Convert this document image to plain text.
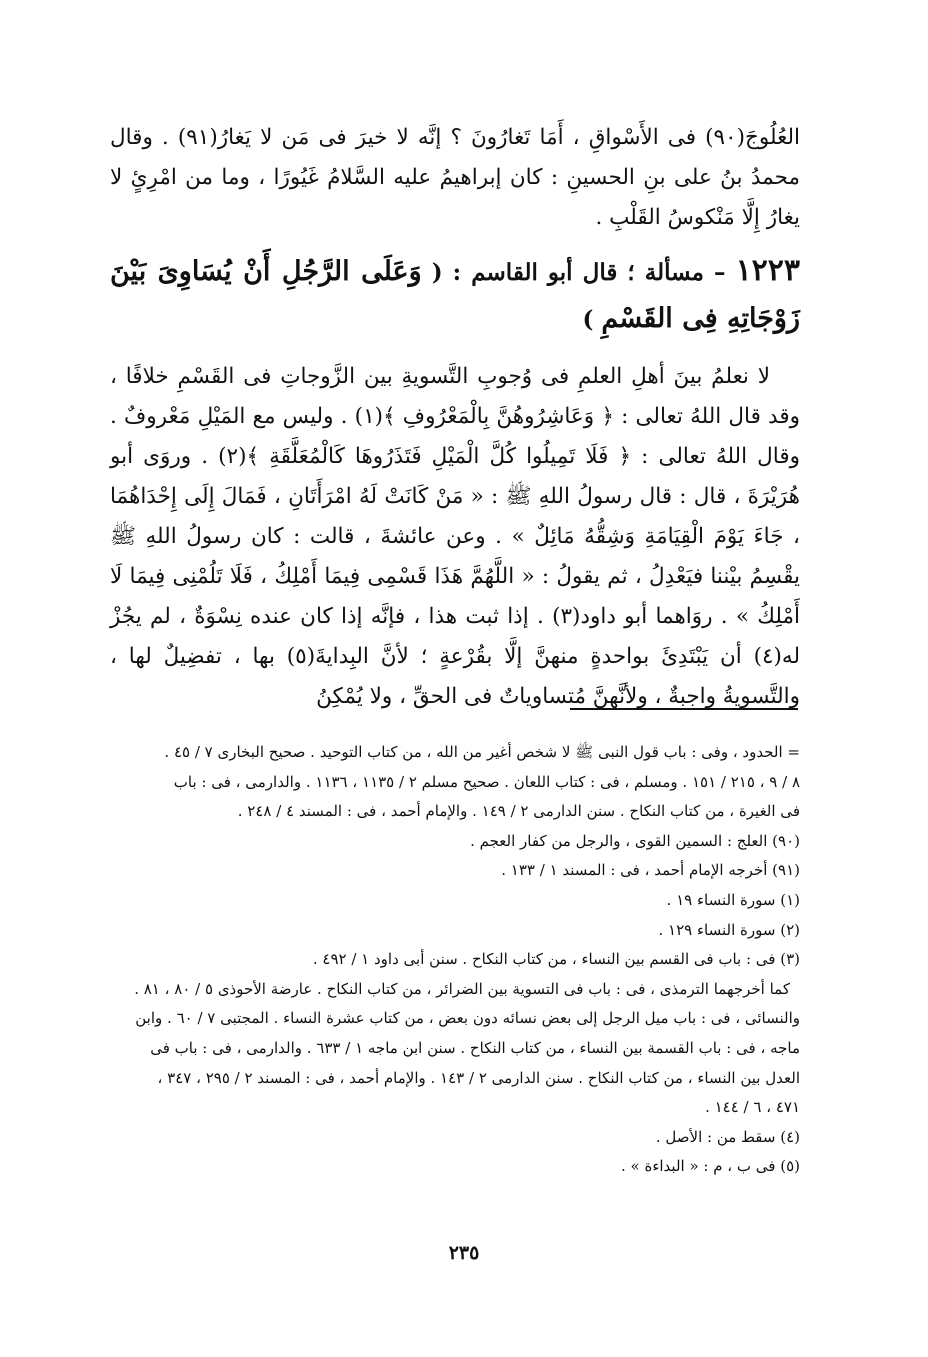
العُلُوجَ(٩٠) فى الأَسْواقِ ، أَمَا تَغارُونَ ؟ إنَّه لا خيرَ فى مَن لا يَغارُ(٩١) . وقال محمدُ بنُ على بنِ الحسينِ : كان إبراهيمُ عليه السَّلامُ غَيُورًا ، وما من امْرِئٍ لا يغارُ إِلَّا مَنْكوسُ القَلْبِ .

١٢٢٣ – مسألة ؛ قال أبو القاسم : ( وَعَلَى الرَّجُلِ أَنْ يُسَاوِىَ بَيْنَ زَوْجَاتِهِ فِى القَسْمِ )

لا نعلمُ بينَ أهلِ العلمِ فى وُجوبِ التَّسويةِ بين الزَّوجاتِ فى القَسْمِ خلافًا ، وقد قال اللهُ تعالى : ﴿ وَعَاشِرُوهُنَّ بِالْمَعْرُوفِ ﴾(١) . وليس مع المَيْلِ مَعْروفٌ . وقال اللهُ تعالى : ﴿ فَلَا تَمِيلُوا كُلَّ الْمَيْلِ فَتَذَرُوهَا كَالْمُعَلَّقَةِ ﴾(٢) . وروَى أبو هُرَيْرَةَ ، قال : قال رسولُ اللهِ ﷺ : « مَنْ كَانَتْ لَهُ امْرَأَتَانِ ، فَمَالَ إِلَى إِحْدَاهُمَا ، جَاءَ يَوْمَ الْقِيَامَةِ وَشِقُّهُ مَائِلٌ » . وعن عائشةَ ، قالت : كان رسولُ اللهِ ﷺ يقْسِمُ بيْننا فيَعْدِلُ ، ثم يقولُ : « اللَّهُمَّ هَذَا قَسْمِى فِيمَا أَمْلِكُ ، فَلَا تَلُمْنِى فِيمَا لَا أَمْلِكُ » . روَاهما أبو داود(٣) . إذا ثبت هذا ، فإنَّه إذا كان عنده نِسْوَةٌ ، لم يجُزْ له(٤) أن يَبْتَدِئَ بواحدةٍ منهنَّ إلَّا بقُرْعةٍ ؛ لأنَّ البِدايةَ(٥) بها ، تفضِيلٌ لها ، والتَّسويةُ واجبةٌ ، ولأنَّهنَّ مُتساوياتٌ فى الحقِّ ، ولا يُمْكِنُ

= الحدود ، وفى : باب قول النبى ﷺ لا شخص أغير من الله ، من كتاب التوحيد . صحيح البخارى ٧ / ٤٥ .

٨ / ٩ ، ٢١٥ / ١٥١ . ومسلم ، فى : كتاب اللعان . صحيح مسلم ٢ / ١١٣٥ ، ١١٣٦ . والدارمى ، فى : باب

فى الغيرة ، من كتاب النكاح . سنن الدارمى ٢ / ١٤٩ . والإمام أحمد ، فى : المسند ٤ / ٢٤٨ .

(٩٠) العلج : السمين القوى ، والرجل من كفار العجم .

(٩١) أخرجه الإمام أحمد ، فى : المسند ١ / ١٣٣ .

(١) سورة النساء ١٩ .

(٢) سورة النساء ١٢٩ .

(٣) فى : باب فى القسم بين النساء ، من كتاب النكاح . سنن أبى داود ١ / ٤٩٢ .

كما أخرجهما الترمذى ، فى : باب فى التسوية بين الضرائر ، من كتاب النكاح . عارضة الأحوذى ٥ / ٨٠ ، ٨١ .

والنسائى ، فى : باب ميل الرجل إلى بعض نسائه دون بعض ، من كتاب عشرة النساء . المجتبى ٧ / ٦٠ . وابن

ماجه ، فى : باب القسمة بين النساء ، من كتاب النكاح . سنن ابن ماجه ١ / ٦٣٣ . والدارمى ، فى : باب فى

العدل بين النساء ، من كتاب النكاح . سنن الدارمى ٢ / ١٤٣ . والإمام أحمد ، فى : المسند ٢ / ٢٩٥ ، ٣٤٧ ،

٤٧١ ، ٦ / ١٤٤ .

(٤) سقط من : الأصل .

(٥) فى ب ، م : « البداءة » .

٢٣٥
